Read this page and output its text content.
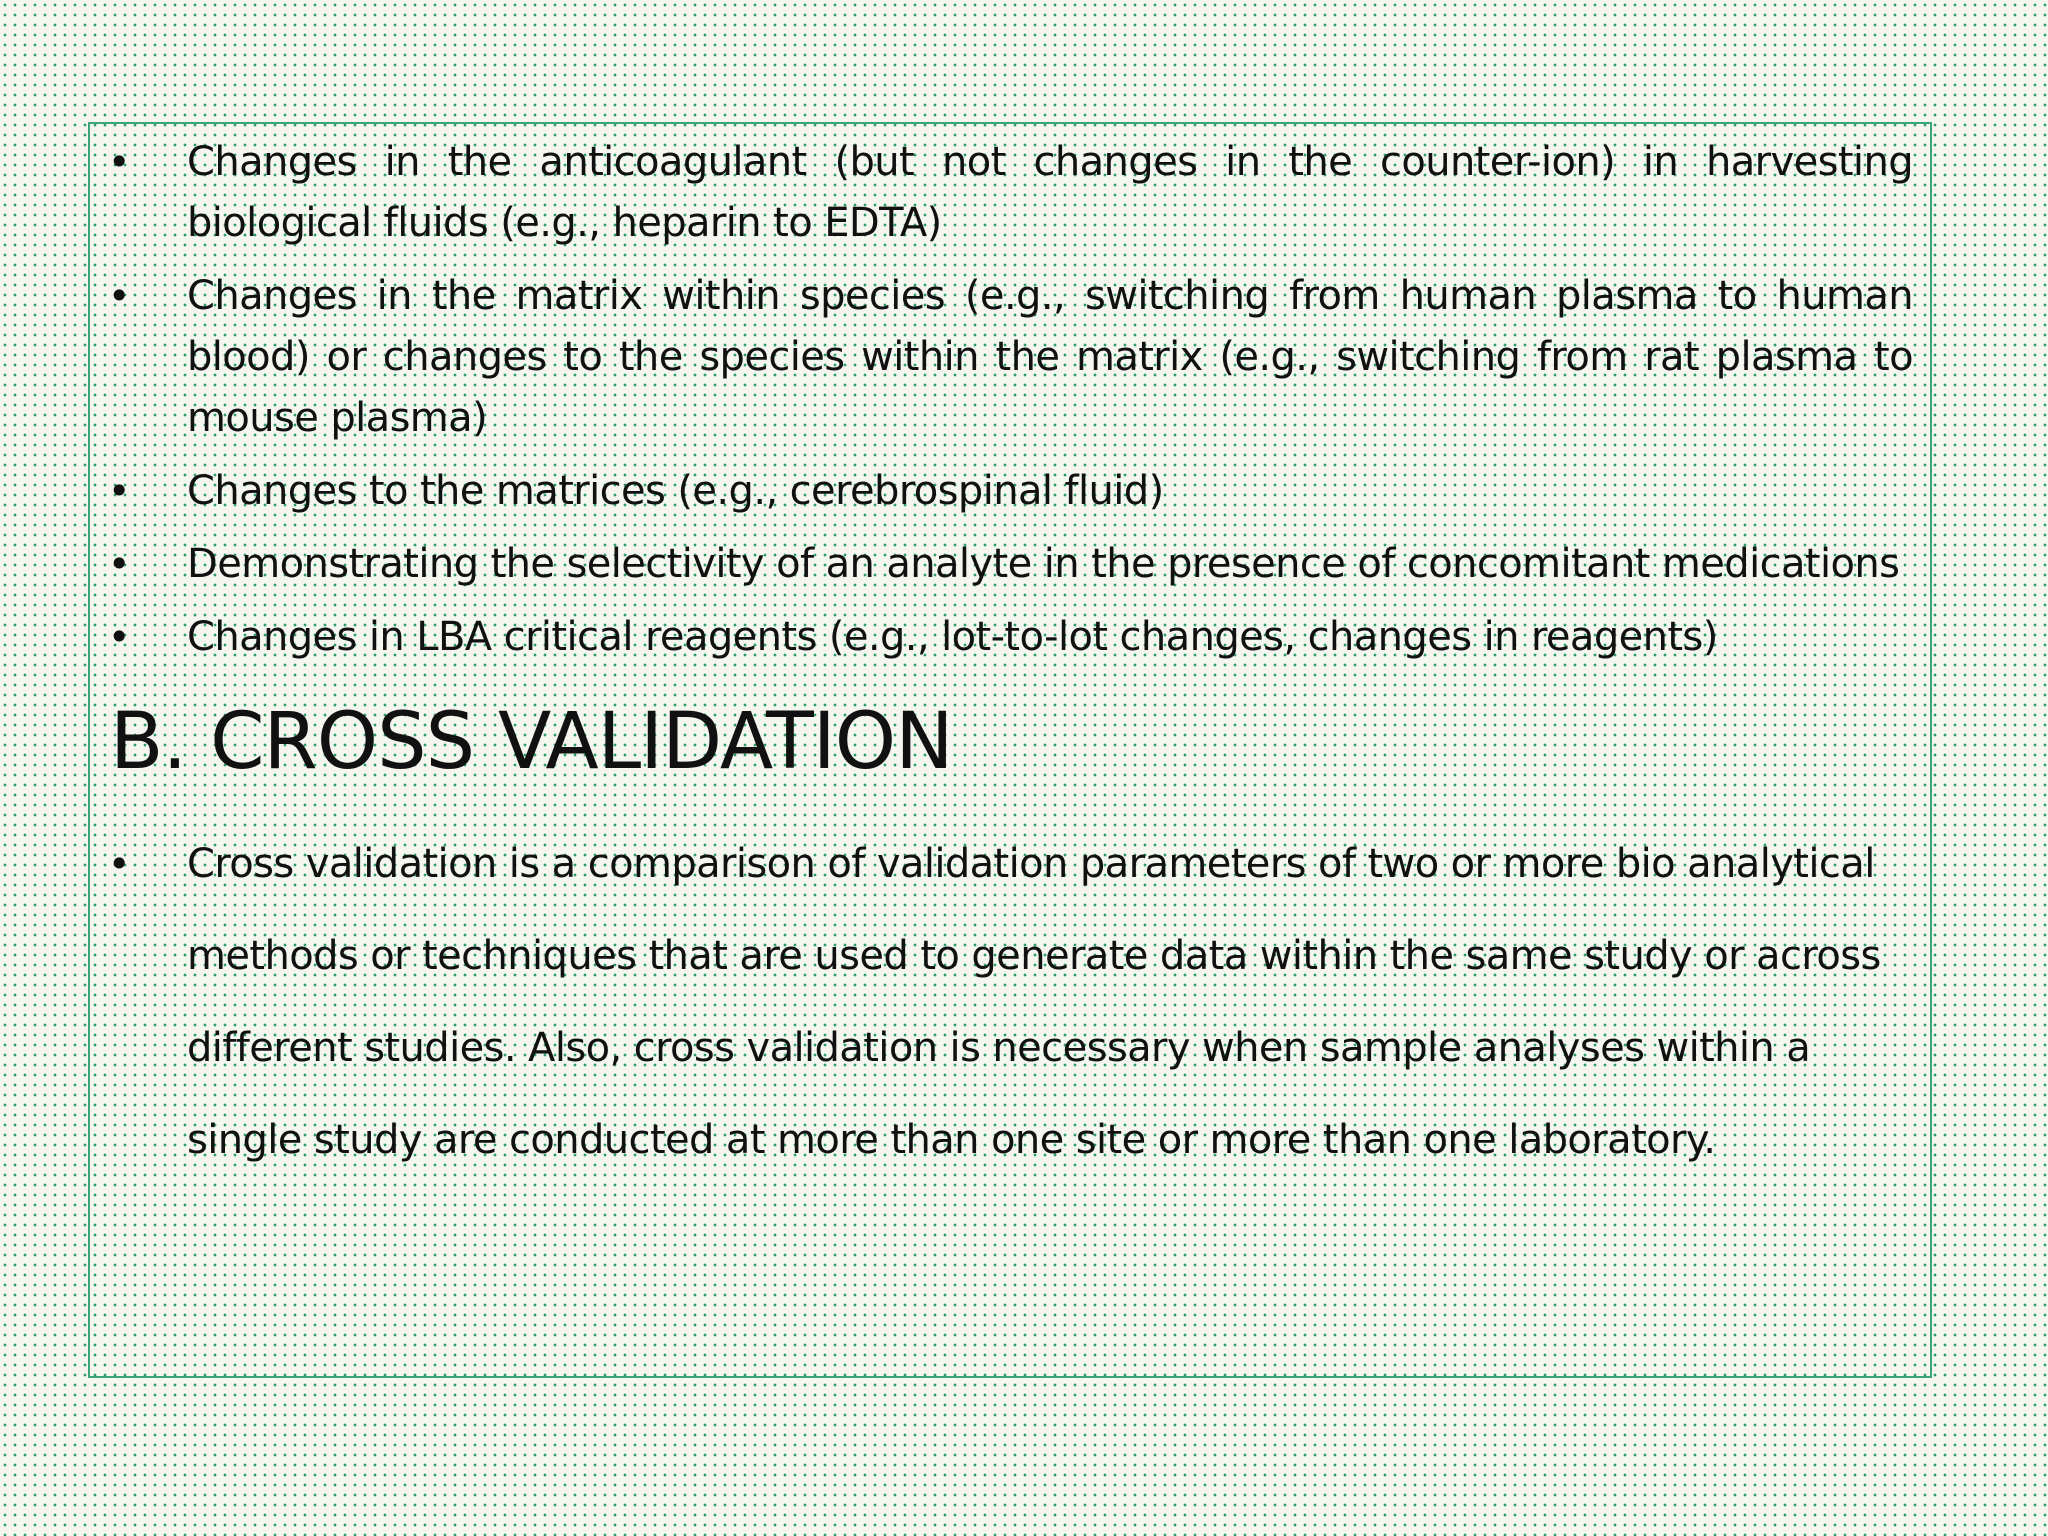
• Changes in the anticoagulant (but not changes in the counter-ion) in harvesting biological fluids (e.g., heparin to EDTA)
• Changes in the matrix within species (e.g., switching from human plasma to human blood) or changes to the species within the matrix (e.g., switching from rat plasma to mouse plasma)
• Changes to the matrices (e.g., cerebrospinal fluid)
• Demonstrating the selectivity of an analyte in the presence of concomitant medications
• Changes in LBA critical reagents (e.g., lot-to-lot changes, changes in reagents)
B. CROSS VALIDATION
• Cross validation is a comparison of validation parameters of two or more bio analytical methods or techniques that are used to generate data within the same study or across different studies. Also, cross validation is necessary when sample analyses within a single study are conducted at more than one site or more than one laboratory.
